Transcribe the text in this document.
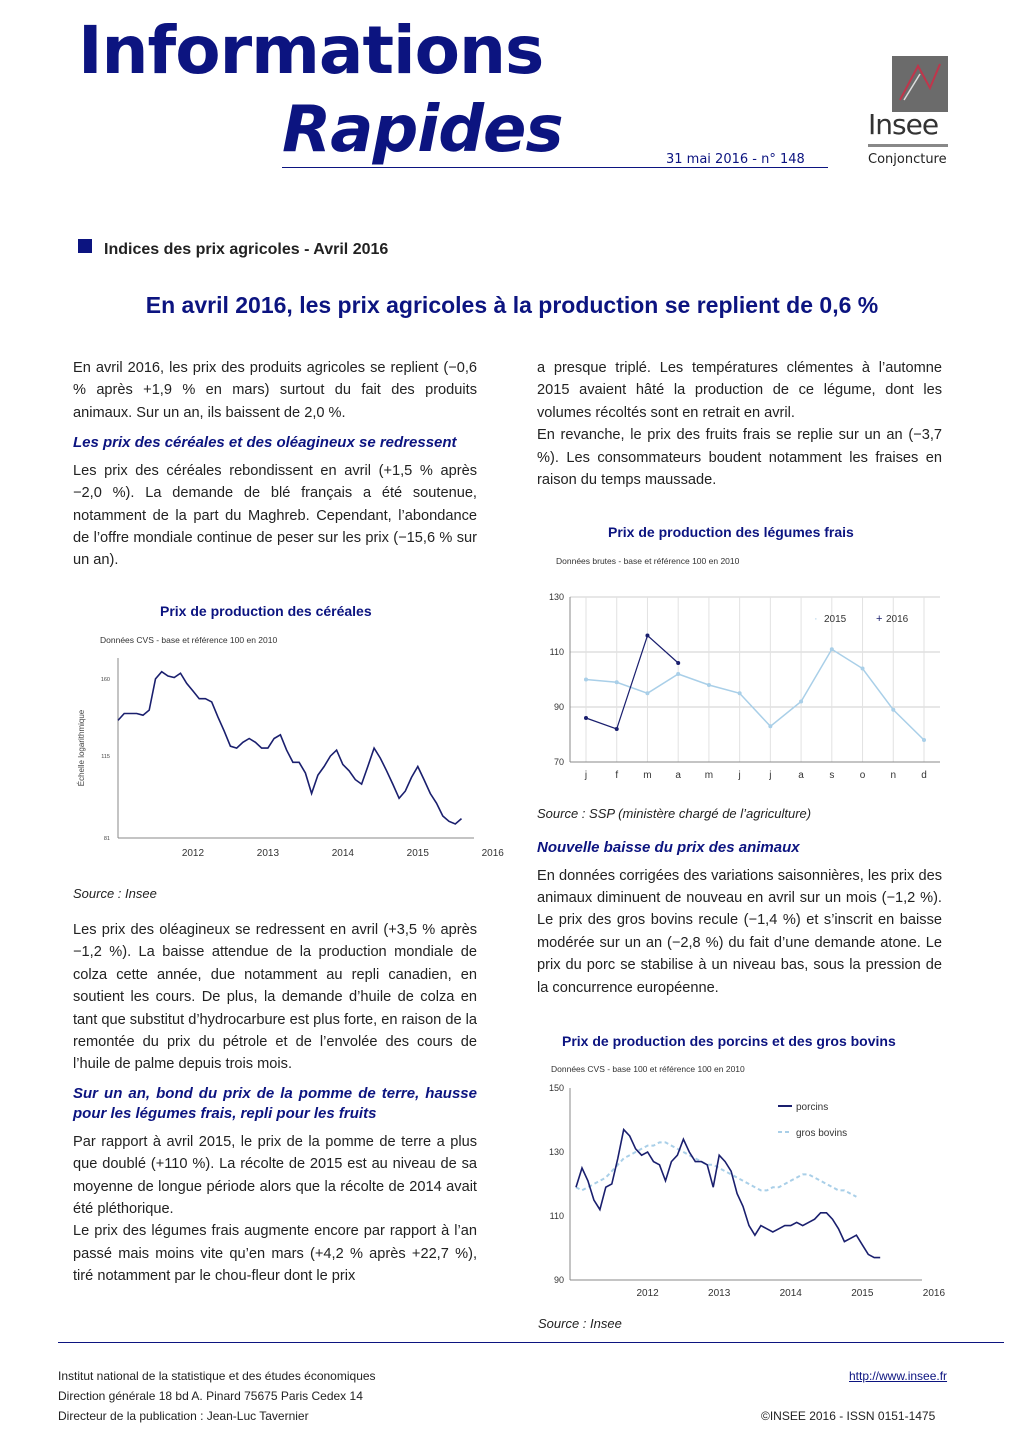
Informations
Rapides	31 mai 2016 - n° 148
Insee
Conjoncture
Indices des prix agricoles - Avril 2016
En avril 2016, les prix agricoles à la production se replient de 0,6 %

En avril 2016, les prix des produits agricoles se replient (−0,6 % après +1,9 % en mars) surtout du fait des produits animaux. Sur un an, ils baissent de 2,0 %.

Les prix des céréales et des oléagineux se redressent

Les prix des céréales rebondissent en avril (+1,5 % après −2,0 %). La demande de blé français a été soutenue, notamment de la part du Maghreb. Cependant, l’abondance de l’offre mondiale continue de peser sur les prix (−15,6 % sur un an).

Prix de production des céréales
Données CVS - base et référence 100 en 2010
81
115
160
Échelle logarithmique
2012	2013	2014	2015	2016
Source : Insee

Les prix des oléagineux se redressent en avril (+3,5 % après −1,2 %). La baisse attendue de la production mondiale de colza cette année, due notamment au repli canadien, en soutient les cours. De plus, la demande d’huile de colza en tant que substitut d’hydrocarbure est plus forte, en raison de la remontée du prix du pétrole et de l’envolée des cours de l’huile de palme depuis trois mois.

Sur un an, bond du prix de la pomme de terre, hausse pour les légumes frais, repli pour les fruits

Par rapport à avril 2015, le prix de la pomme de terre a plus que doublé (+110 %). La récolte de 2015 est au niveau de sa moyenne de longue période alors que la récolte de 2014 avait été pléthorique.

Le prix des légumes frais augmente encore par rapport à l’an passé mais moins vite qu’en mars (+4,2 % après +22,7 %), tiré notamment par le chou-fleur dont le prix

a presque triplé. Les températures clémentes à l’automne 2015 avaient hâté la production de ce légume, dont les volumes récoltés sont en retrait en avril.

En revanche, le prix des fruits frais se replie sur un an (−3,7 %). Les consommateurs boudent notamment les fraises en raison du temps maussade.

Prix de production des légumes frais
Données brutes - base et référence 100 en 2010
70
90
110
130
j	f	m a m	j	j	a	s	o	n	d
· 2015	+ 2016
Source : SSP (ministère chargé de l’agriculture)

Nouvelle baisse du prix des animaux

En données corrigées des variations saisonnières, les prix des animaux diminuent de nouveau en avril sur un mois (−1,2 %). Le prix des gros bovins recule (−1,4 %) et s’inscrit en baisse modérée sur un an (−2,8 %) du fait d’une demande atone. Le prix du porc se stabilise à un niveau bas, sous la pression de la concurrence européenne.

Prix de production des porcins et des gros bovins
Données CVS - base 100 et référence 100 en 2010
90
110
130
150
2012	2013	2014	2015	2016
porcins
gros bovins
Source : Insee
Institut national de la statistique et des études économiques
Direction générale 18 bd A. Pinard 75675 Paris Cedex 14
Directeur de la publication : Jean-Luc Tavernier
http://www.insee.fr
©INSEE 2016 - ISSN 0151-1475
